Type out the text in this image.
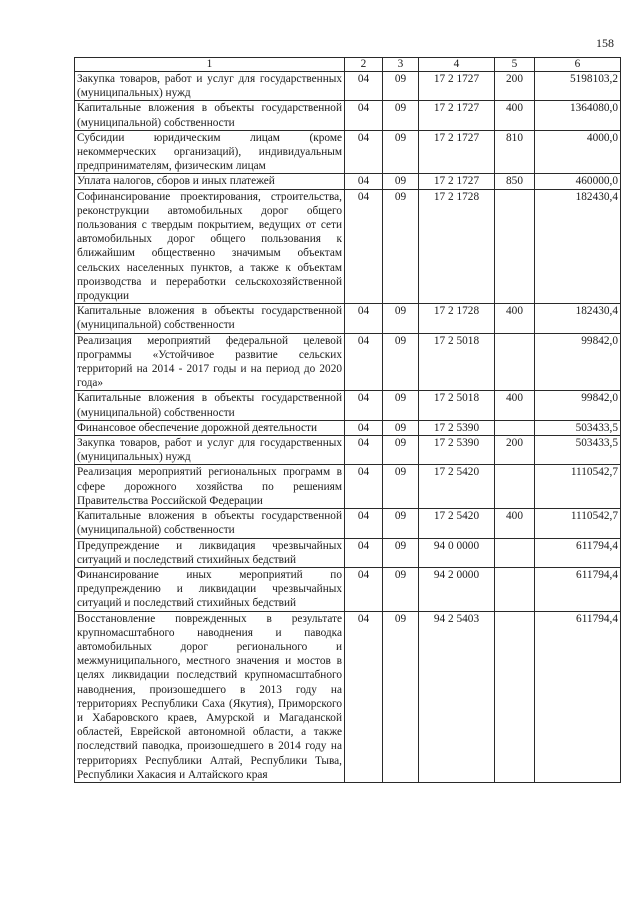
158
1	2	3	4	5	6
Закупка товаров, работ и услуг для государственных (муниципальных) нужд	04	09	17 2 1727	200	5198103,2
Капитальные вложения в объекты государственной (муниципальной) собственности	04	09	17 2 1727	400	1364080,0
Субсидии юридическим лицам (кроме некоммерческих организаций), индивидуальным предпринимателям, физическим лицам	04	09	17 2 1727	810	4000,0
Уплата налогов, сборов и иных платежей	04	09	17 2 1727	850	460000,0
Софинансирование проектирования, строительства, реконструкции автомобильных дорог общего пользования с твердым покрытием, ведущих от сети автомобильных дорог общего пользования к ближайшим общественно значимым объектам сельских населенных пунктов, а также к объектам производства и переработки сельскохозяйственной продукции	04	09	17 2 1728		182430,4
Капитальные вложения в объекты государственной (муниципальной) собственности	04	09	17 2 1728	400	182430,4
Реализация мероприятий федеральной целевой программы «Устойчивое развитие сельских территорий на 2014 - 2017 годы и на период до 2020 года»	04	09	17 2 5018		99842,0
Капитальные вложения в объекты государственной (муниципальной) собственности	04	09	17 2 5018	400	99842,0
Финансовое обеспечение дорожной деятельности	04	09	17 2 5390		503433,5
Закупка товаров, работ и услуг для государственных (муниципальных) нужд	04	09	17 2 5390	200	503433,5
Реализация мероприятий региональных программ в сфере дорожного хозяйства по решениям Правительства Российской Федерации	04	09	17 2 5420		1110542,7
Капитальные вложения в объекты государственной (муниципальной) собственности	04	09	17 2 5420	400	1110542,7
Предупреждение и ликвидация чрезвычайных ситуаций и последствий стихийных бедствий	04	09	94 0 0000		611794,4
Финансирование иных мероприятий по предупреждению и ликвидации чрезвычайных ситуаций и последствий стихийных бедствий	04	09	94 2 0000		611794,4
Восстановление поврежденных в результате крупномасштабного наводнения и паводка автомобильных дорог регионального и межмуниципального, местного значения и мостов в целях ликвидации последствий крупномасштабного наводнения, произошедшего в 2013 году на территориях Республики Саха (Якутия), Приморского и Хабаровского краев, Амурской и Магаданской областей, Еврейской автономной области, а также последствий паводка, произошедшего в 2014 году на территориях Республики Алтай, Республики Тыва, Республики Хакасия и Алтайского края	04	09	94 2 5403		611794,4
